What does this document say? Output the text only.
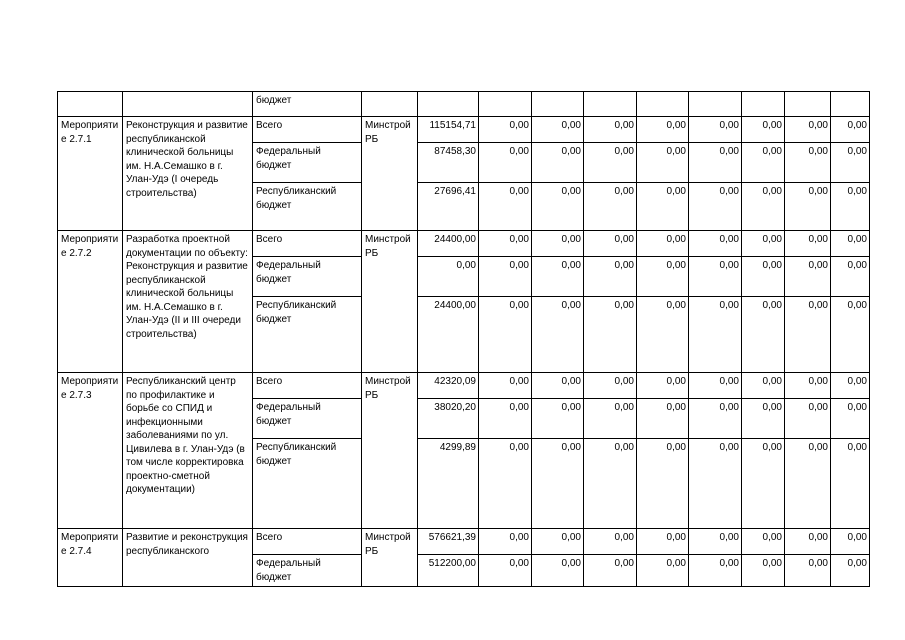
		бюджет										
Мероприятие 2.7.1	Реконструкция и развитие республиканской клинической больницы им. Н.А.Семашко в г. Улан-Удэ (I очередь строительства)	Всего	Минстрой РБ	115154,71	0,00	0,00	0,00	0,00	0,00	0,00	0,00	0,00
		Федеральный бюджет		87458,30	0,00	0,00	0,00	0,00	0,00	0,00	0,00	0,00
		Республиканский бюджет		27696,41	0,00	0,00	0,00	0,00	0,00	0,00	0,00	0,00
Мероприятие 2.7.2	Разработка проектной документации по объекту: Реконструкция и развитие республиканской клинической больницы им. Н.А.Семашко в г. Улан-Удэ (II и III очереди строительства)	Всего	Минстрой РБ	24400,00	0,00	0,00	0,00	0,00	0,00	0,00	0,00	0,00
		Федеральный бюджет		0,00	0,00	0,00	0,00	0,00	0,00	0,00	0,00	0,00
		Республиканский бюджет		24400,00	0,00	0,00	0,00	0,00	0,00	0,00	0,00	0,00
Мероприятие 2.7.3	Республиканский центр по профилактике и борьбе со СПИД и инфекционными заболеваниями по ул. Цивилева в г. Улан-Удэ (в том числе корректировка проектно-сметной документации)	Всего	Минстрой РБ	42320,09	0,00	0,00	0,00	0,00	0,00	0,00	0,00	0,00
		Федеральный бюджет		38020,20	0,00	0,00	0,00	0,00	0,00	0,00	0,00	0,00
		Республиканский бюджет		4299,89	0,00	0,00	0,00	0,00	0,00	0,00	0,00	0,00
Мероприятие 2.7.4	Развитие и реконструкция республиканского	Всего	Минстрой РБ	576621,39	0,00	0,00	0,00	0,00	0,00	0,00	0,00	0,00
		Федеральный бюджет		512200,00	0,00	0,00	0,00	0,00	0,00	0,00	0,00	0,00
